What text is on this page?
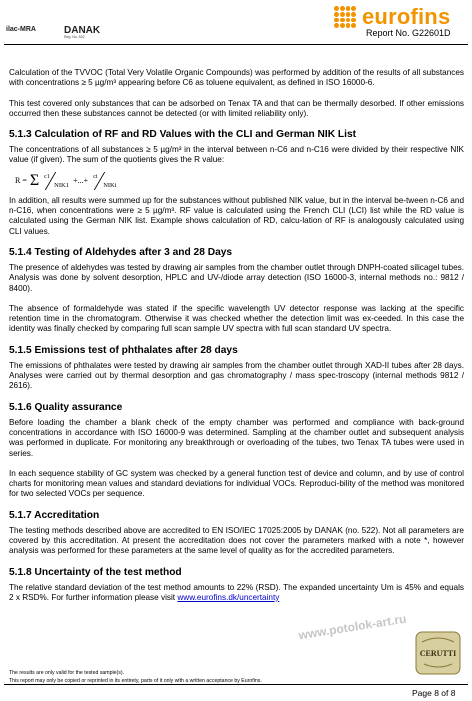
eurofins
ilac-MRA	DANAK
Reg. No. 522	Report No. G22601D

Calculation of the TVVOC (Total Very Volatile Organic Compounds) was performed by addition of the results of all substances with concentrations ≥ 5 µg/m³ appearing before C6 as toluene equivalent, as defined in ISO 16000-6.

This test covered only substances that can be adsorbed on Tenax TA and that can be thermally desorbed. If other emissions occurred then these substances cannot be detected (or with limited reliability only).

5.1.3 Calculation of RF and RD Values with the CLI and German NIK List

The concentrations of all substances ≥ 5 µg/m³ in the interval between n-C6 and n-C16 were divided by their respective NIK value (if given). The sum of the quotients gives the R value:

R = Σ c1
NIK1
+...+ ci
NIKi

In addition, all results were summed up for the substances without published NIK value, but in the interval be-tween n-C6 and n-C16, when concentrations were ≥ 5 µg/m³. RF value is calculated using the French CLI (LCI) list while the RD value is calculated using the German NIK list. Example shows calculation of RD, calcu-lation of RF is analogously calculated using CLI values.

5.1.4 Testing of Aldehydes after 3 and 28 Days

The presence of aldehydes was tested by drawing air samples from the chamber outlet through DNPH-coated silicagel tubes. Analysis was done by solvent desorption, HPLC and UV-/diode array detection (ISO 16000-3, internal methods no.: 9812 / 8400).

The absence of formaldehyde was stated if the specific wavelength UV detector response was lacking at the specific retention time in the chromatogram. Otherwise it was checked whether the detection limit was ex-ceeded. In this case the identity was finally checked by comparing full scan sample UV spectra with full scan standard UV spectra.

5.1.5 Emissions test of phthalates after 28 days

The emissions of phthalates were tested by drawing air samples from the chamber outlet through XAD-II tubes after 28 days. Analyses were carried out by thermal desorption and gas chromatography / mass spec-troscopy (internal methods 9812 / 2616).

5.1.6 Quality assurance

Before loading the chamber a blank check of the empty chamber was performed and compliance with back-ground concentrations in accordance with ISO 16000-9 was determined. Sampling at the chamber outlet and subsequent analysis was performed in duplicate. For monitoring any breakthrough or overloading of the tubes, two Tenax TA tubes were used in series.

In each sequence stability of GC system was checked by a general function test of device and column, and by use of control charts for monitoring mean values and standard deviations for individual VOCs. Reproduci-bility of the method was monitored for two selected VOCs per sequence.

5.1.7 Accreditation

The testing methods described above are accredited to EN ISO/IEC 17025:2005 by DANAK (no. 522). Not all parameters are covered by this accreditation. At present the accreditation does not cover the parameters marked with a note *, however analysis was performed for these parameters at the same level of quality as for the accredited parameters.

5.1.8 Uncertainty of the test method

The relative standard deviation of the test method amounts to 22% (RSD). The expanded uncertainty Um is 45% and equals 2 x RSD%. For further information please visit www.eurofins.dk/uncertainty

www.potolok-art.ru
CERUTTI
The results are only valid for the tested sample(s).
This report may only be copied or reprinted in its entirety, parts of it only with a written acceptance by Eurofins.
Page 8 of 8
